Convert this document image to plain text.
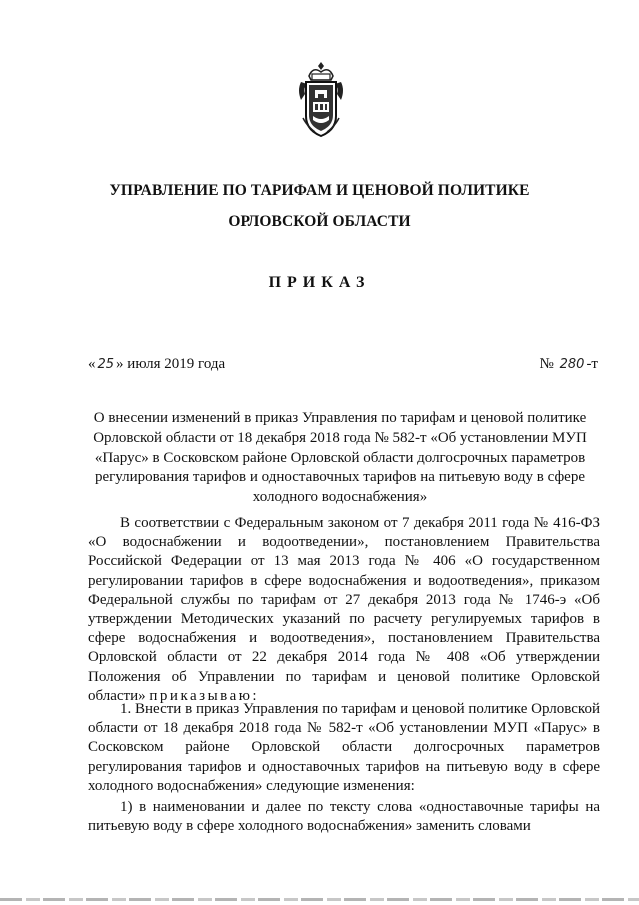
УПРАВЛЕНИЕ ПО ТАРИФАМ И ЦЕНОВОЙ ПОЛИТИКЕ
ОРЛОВСКОЙ ОБЛАСТИ
ПРИКАЗ
« 25 » июля 2019 года	№ 280 -т
О внесении изменений в приказ Управления по тарифам и ценовой политике Орловской области от 18 декабря 2018 года № 582-т «Об установлении МУП «Парус» в Сосковском районе Орловской области долгосрочных параметров регулирования тарифов и одноставочных тарифов на питьевую воду в сфере холодного водоснабжения»

В соответствии с Федеральным законом от 7 декабря 2011 года № 416-ФЗ «О водоснабжении и водоотведении», постановлением Правительства Российской Федерации от 13 мая 2013 года № 406 «О государственном регулировании тарифов в сфере водоснабжения и водоотведения», приказом Федеральной службы по тарифам от 27 декабря 2013 года № 1746-э «Об утверждении Методических указаний по расчету регулируемых тарифов в сфере водоснабжения и водоотведения», постановлением Правительства Орловской области от 22 декабря 2014 года № 408 «Об утверждении Положения об Управлении по тарифам и ценовой политике Орловской области» приказываю:

1. Внести в приказ Управления по тарифам и ценовой политике Орловской области от 18 декабря 2018 года № 582-т «Об установлении МУП «Парус» в Сосковском районе Орловской области долгосрочных параметров регулирования тарифов и одноставочных тарифов на питьевую воду в сфере холодного водоснабжения» следующие изменения:

1) в наименовании и далее по тексту слова «одноставочные тарифы на питьевую воду в сфере холодного водоснабжения» заменить словами
